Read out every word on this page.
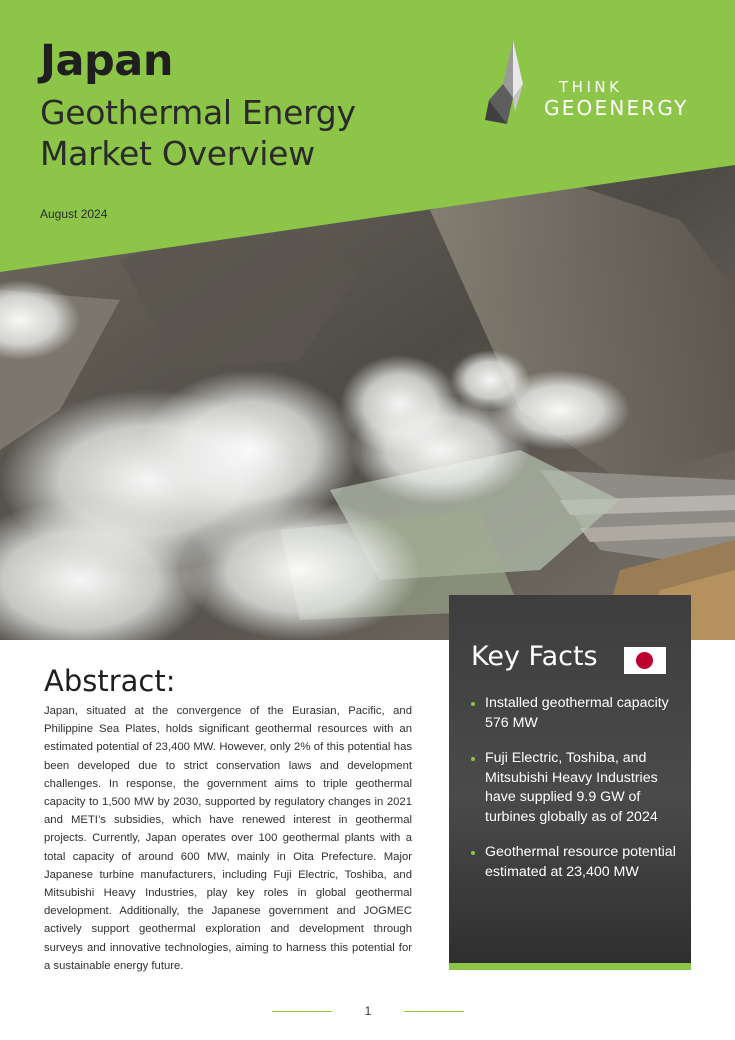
Japan
Geothermal Energy
Market Overview
August 2024
THINK
GEOENERGY
Abstract:

Japan, situated at the convergence of the Eurasian, Pacific, and Philippine Sea Plates, holds significant geothermal resources with an estimated potential of 23,400 MW. However, only 2% of this potential has been developed due to strict conservation laws and development challenges. In response, the government aims to triple geothermal capacity to 1,500 MW by 2030, supported by regulatory changes in 2021 and METI’s subsidies, which have renewed interest in geothermal projects. Currently, Japan operates over 100 geothermal plants with a total capacity of around 600 MW, mainly in Oita Prefecture. Major Japanese turbine manufacturers, including Fuji Electric, Toshiba, and Mitsubishi Heavy Industries, play key roles in global geothermal development. Additionally, the Japanese government and JOGMEC actively support geothermal exploration and development through surveys and innovative technologies, aiming to harness this potential for a sustainable energy future.

Key Facts
Installed geothermal capacity 576 MW
Fuji Electric, Toshiba, and Mitsubishi Heavy Industries have supplied 9.9 GW of turbines globally as of 2024
Geothermal resource potential estimated at 23,400 MW
1
